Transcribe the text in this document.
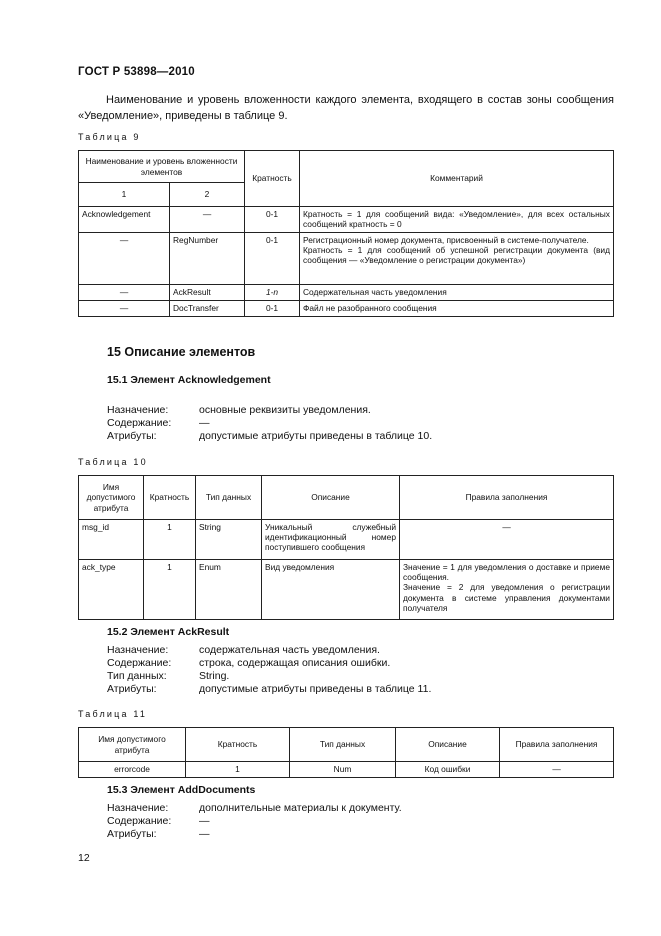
ГОСТ Р 53898—2010
Наименование и уровень вложенности каждого элемента, входящего в состав зоны сообщения «Уведомление», приведены в таблице 9.
Таблица 9
Наименование и уровень вложенности элементов		Кратность	Комментарий
1	2		
Acknowledgement	—	0-1	Кратность = 1 для сообщений вида: «Уведомление», для всех остальных сообщений кратность = 0
—	RegNumber	0-1	Регистрационный номер документа, присвоенный в системе-получателе.
Кратность = 1 для сообщений об успешной регистрации документа (вид сообщения — «Уведомление о регистрации документа»)

—	AckResult	1-n	Содержательная часть уведомления
—	DocTransfer	0-1	Файл не разобранного сообщения
15 Описание элементов
15.1 Элемент Acknowledgement
Назначение:	основные реквизиты уведомления.
Содержание:	—
Атрибуты:	допустимые атрибуты приведены в таблице 10.
Таблица 10
Имя допустимого атрибута	Кратность	Тип данных	Описание	Правила заполнения
msg_id	1	String	Уникальный служебный идентификационный номер поступившего сообщения	—
ack_type	1	Enum	Вид уведомления	Значение = 1 для уведомления о доставке и приеме сообщения.
Значение = 2 для уведомления о регистрации документа в системе управления документами получателя
15.2 Элемент AckResult
Назначение:	содержательная часть уведомления.
Содержание:	строка, содержащая описания ошибки.
Тип данных:	String.
Атрибуты:	допустимые атрибуты приведены в таблице 11.
Таблица 11
Имя допустимого атрибута	Кратность	Тип данных	Описание	Правила заполнения
errorcode	1	Num	Код ошибки	—
15.3 Элемент AddDocuments
Назначение:	дополнительные материалы к документу.
Содержание:	—
Атрибуты:	—
12
